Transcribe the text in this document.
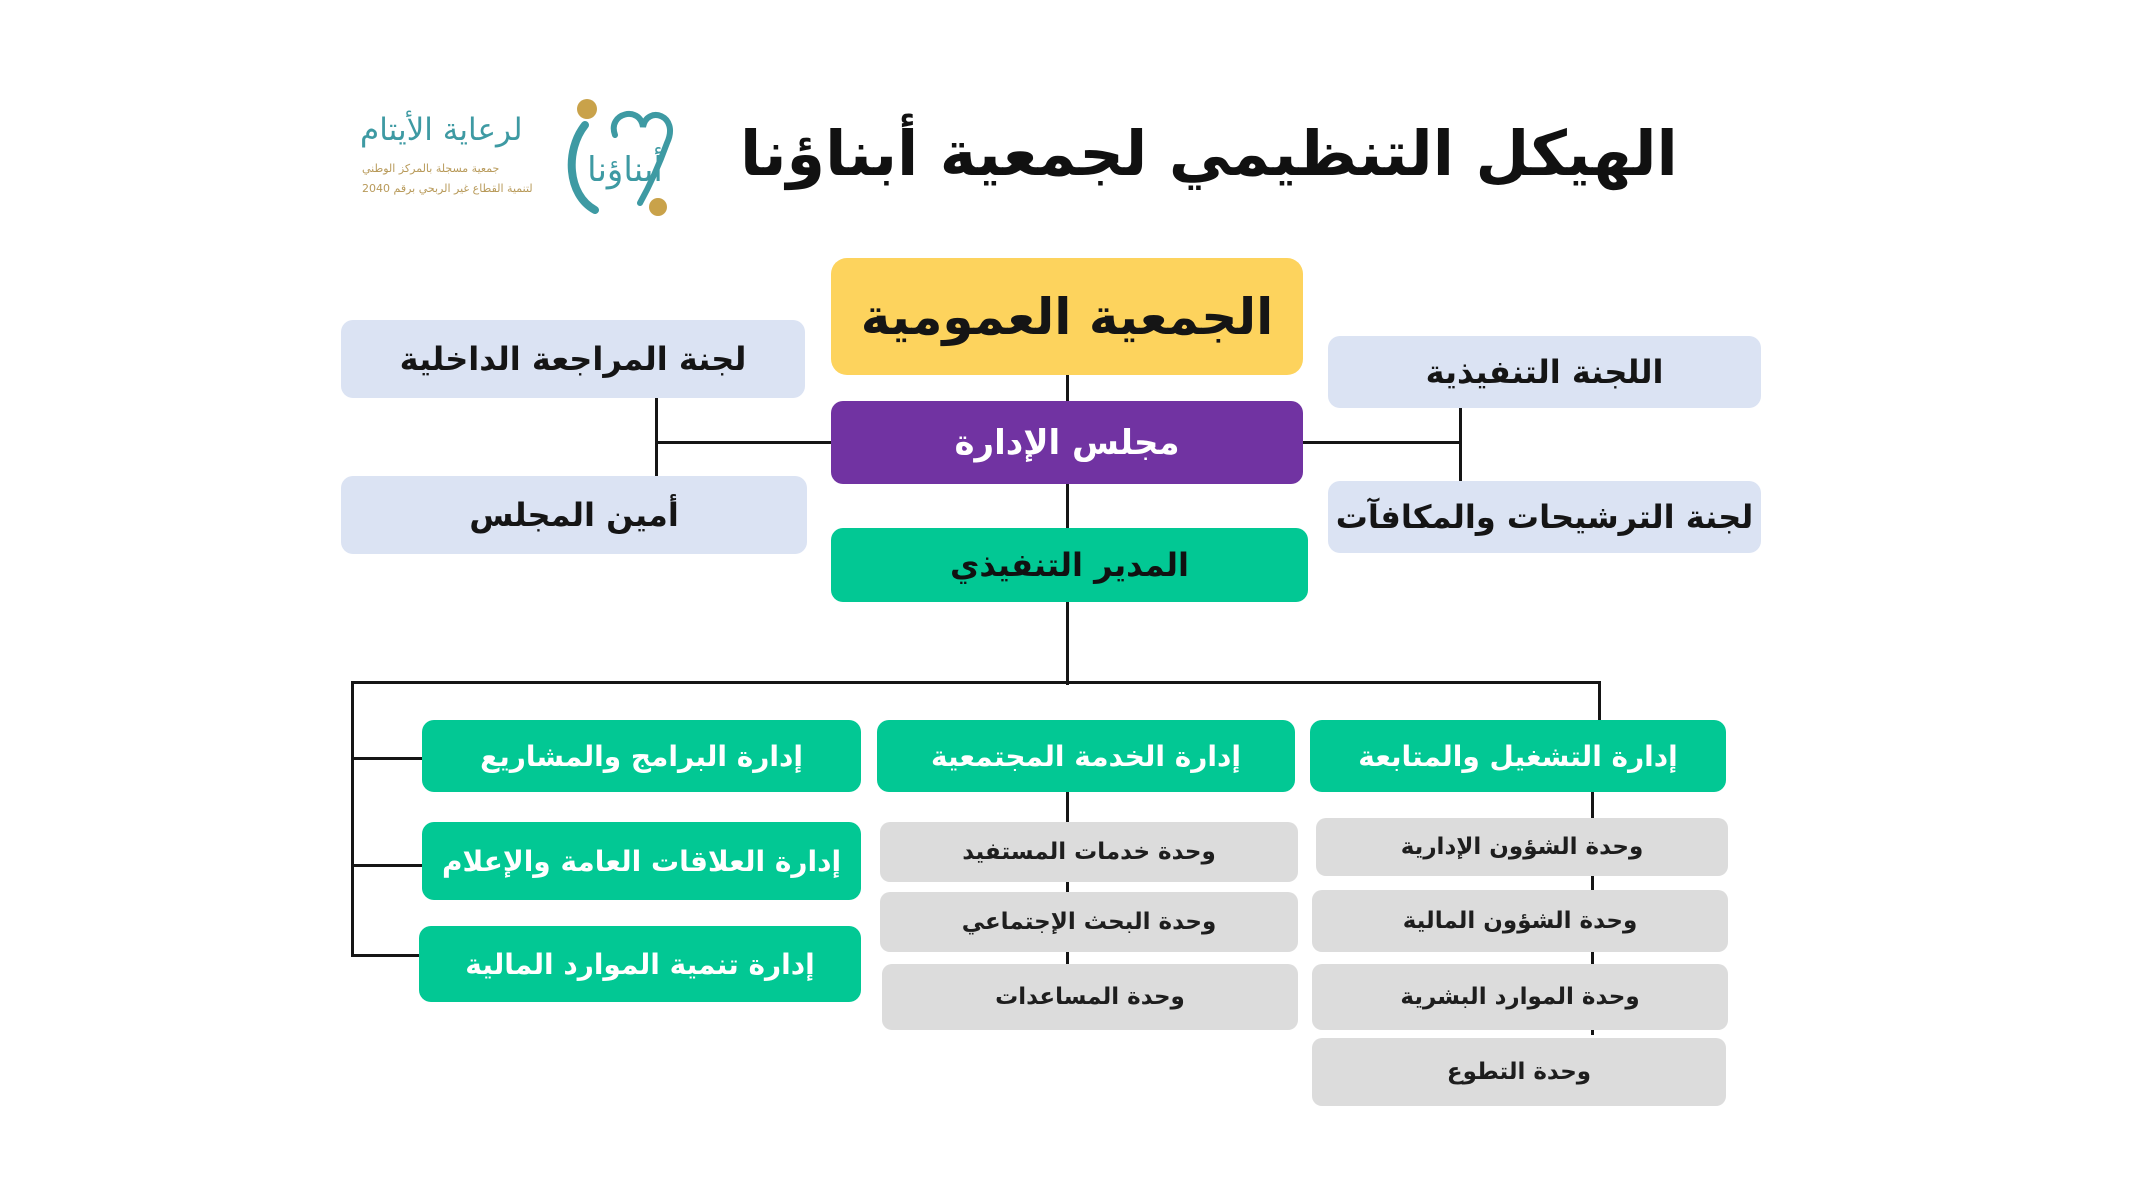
الهيكل التنظيمي لجمعية أبناؤنا
أبناؤنا
لرعاية الأيتام
جمعية مسجلة بالمركز الوطني
لتنمية القطاع غير الربحي برقم 2040
الجمعية العمومية
مجلس الإدارة
المدير التنفيذي
لجنة المراجعة الداخلية
أمين المجلس
اللجنة التنفيذية
لجنة الترشيحات والمكافآت
إدارة التشغيل والمتابعة
إدارة الخدمة المجتمعية
إدارة البرامج والمشاريع
إدارة العلاقات العامة والإعلام
إدارة تنمية الموارد المالية
وحدة خدمات المستفيد
وحدة البحث الإجتماعي
وحدة المساعدات
وحدة الشؤون الإدارية
وحدة الشؤون المالية
وحدة الموارد البشرية
وحدة التطوع
